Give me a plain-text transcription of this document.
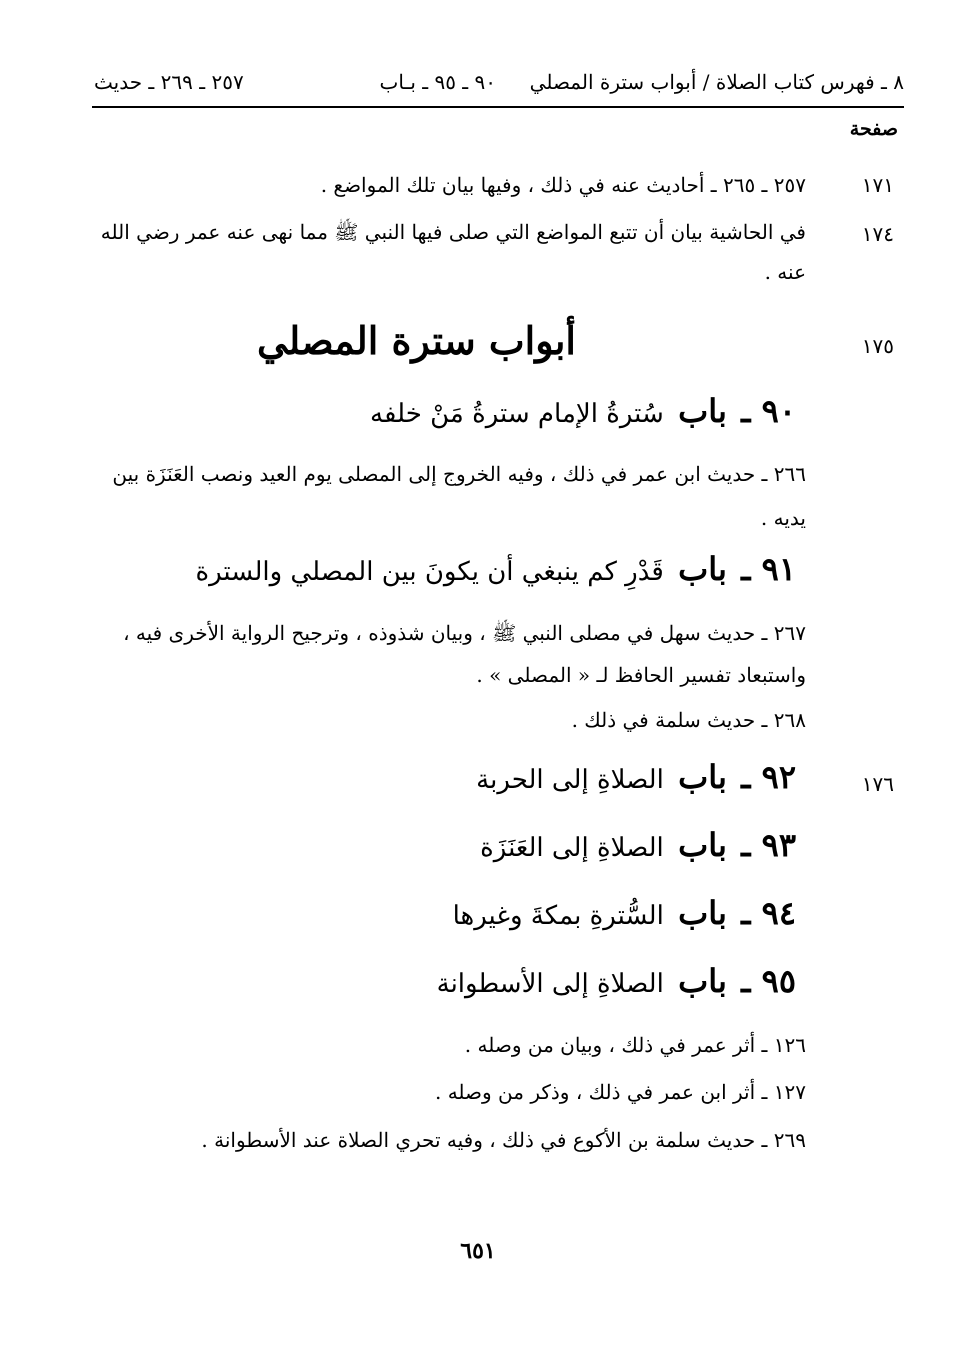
٨ ـ فهرس كتاب الصلاة / أبواب سترة المصلي
٩٠ ـ ٩٥ ـ بـاب
٢٥٧ ـ ٢٦٩ ـ حديث
صفحة
١٧١
٢٥٧ ـ ٢٦٥ ـ أحاديث عنه في ذلك ، وفيها بيان تلك المواضع .
١٧٤
في الحاشية بيان أن تتبع المواضع التي صلى فيها النبي ﷺ مما نهى عنه عمر رضي الله عنه .
١٧٥
أبواب سترة المصلي
٩٠ ـ باب سُترةُ الإمام سترةُ مَنْ خلفه
٢٦٦ ـ حديث ابن عمر في ذلك ، وفيه الخروج إلى المصلى يوم العيد ونصب العَنَزَة بين يديه .
٩١ ـ باب قَدْرِ كم ينبغي أن يكونَ بين المصلي والسترة
٢٦٧ ـ حديث سهل في مصلى النبي ﷺ ، وبيان شذوذه ، وترجيح الرواية الأخرى فيه ، واستبعاد تفسير الحافظ لـ « المصلى » .
٢٦٨ ـ حديث سلمة في ذلك .
١٧٦
٩٢ ـ باب الصلاةِ إلى الحربة
٩٣ ـ باب الصلاةِ إلى العَنَزَة
٩٤ ـ باب السُّترةِ بمكةَ وغيرها
٩٥ ـ باب الصلاةِ إلى الأسطوانة
١٢٦ ـ أثر عمر في ذلك ، وبيان من وصله .
١٢٧ ـ أثر ابن عمر في ذلك ، وذكر من وصله .
٢٦٩ ـ حديث سلمة بن الأكوع في ذلك ، وفيه تحري الصلاة عند الأسطوانة .
٦٥١
